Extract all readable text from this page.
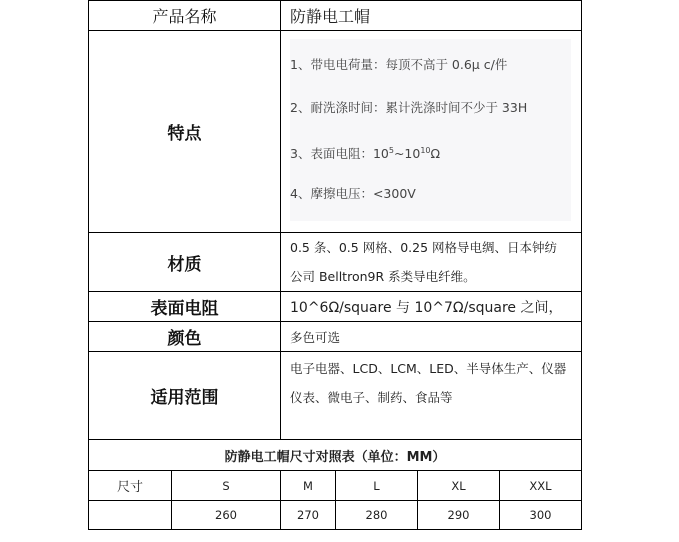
产品名称		防静电工帽			
特点		1、带电电荷量：每顶不高于 0.6μ c/件
2、耐洗涤时间：累计洗涤时间不少于 33H
3、表面电阻：$10^5\sim 10^{10}\Omega$
4、摩擦电压：<300V			

材质		0.5 条、0.5 网格、0.25 网格导电绸、日本钟纺
公司 Belltron9R 系类导电纤维。			

表面电阻		10^6Ω/square 与 10^7Ω/square 之间，			
颜色		多色可选			
适用范围		电子电器、LCD、LCM、LED、半导体生产、仪器
仪表、微电子、制药、食品等			

防静电工帽尺寸对照表（单位：MM）					
尺寸	S	M	L	XL	XXL
	260	270	280	290	300
